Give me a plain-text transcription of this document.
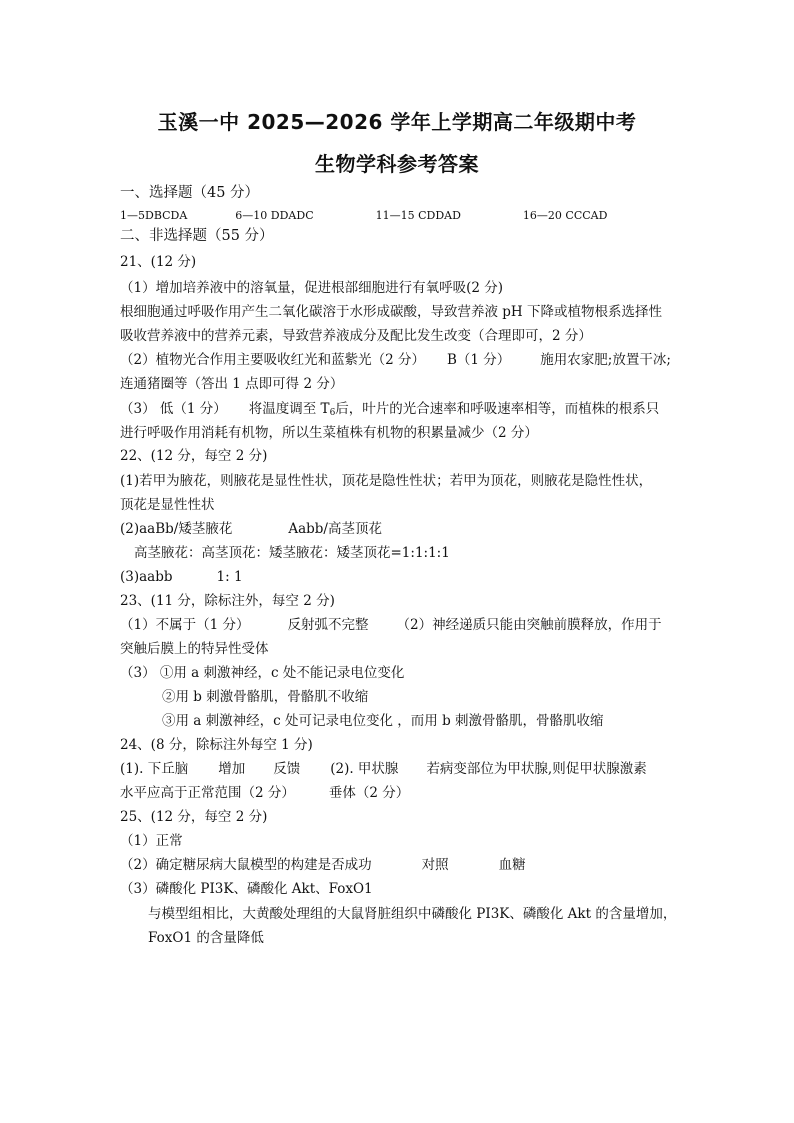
玉溪一中 2025—2026 学年上学期高二年级期中考
生物学科参考答案
一、选择题（45 分）
1—5DBCDA	6—10 DDADC	11—15 CDDAD	16—20 CCCAD
二、非选择题（55 分）
21、(12 分)
（1）增加培养液中的溶氧量，促进根部细胞进行有氧呼吸(2 分)
根细胞通过呼吸作用产生二氧化碳溶于水形成碳酸，导致营养液 pH 下降或植物根系选择性
吸收营养液中的营养元素，导致营养液成分及配比发生改变（合理即可，2 分）
（2）植物光合作用主要吸收红光和蓝紫光（2 分） B（1 分） 施用农家肥;放置干冰;
连通猪圈等（答出 1 点即可得 2 分）
（3） 低（1 分） 将温度调至 $T_6$后，叶片的光合速率和呼吸速率相等，而植株的根系只
进行呼吸作用消耗有机物，所以生菜植株有机物的积累量减少（2 分）
22、(12 分，每空 2 分)
(1)若甲为腋花，则腋花是显性性状，顶花是隐性性状；若甲为顶花，则腋花是隐性性状，
顶花是显性性状
(2)aaBb/矮茎腋花	Aabb/高茎顶花
高茎腋花：高茎顶花：矮茎腋花：矮茎顶花=1:1:1:1
(3)aabb	1: 1
23、(11 分，除标注外，每空 2 分)
（1）不属于（1 分）	反射弧不完整 （2）神经递质只能由突触前膜释放，作用于
突触后膜上的特异性受体
（3） ①用 a 刺激神经，c 处不能记录电位变化
②用 b 刺激骨骼肌，骨骼肌不收缩
③用 a 刺激神经，c 处可记录电位变化 ，而用 b 刺激骨骼肌，骨骼肌收缩
24、(8 分，除标注外每空 1 分)
(1). 下丘脑 增加 反馈 (2). 甲状腺 若病变部位为甲状腺,则促甲状腺激素
水平应高于正常范围（2 分）	垂体（2 分）
25、(12 分，每空 2 分)
（1）正常
（2）确定糖尿病大鼠模型的构建是否成功	对照	血糖
（3）磷酸化 PI3K、磷酸化 Akt、FoxO1
与模型组相比，大黄酸处理组的大鼠肾脏组织中磷酸化 PI3K、磷酸化 Akt 的含量增加，
FoxO1 的含量降低
